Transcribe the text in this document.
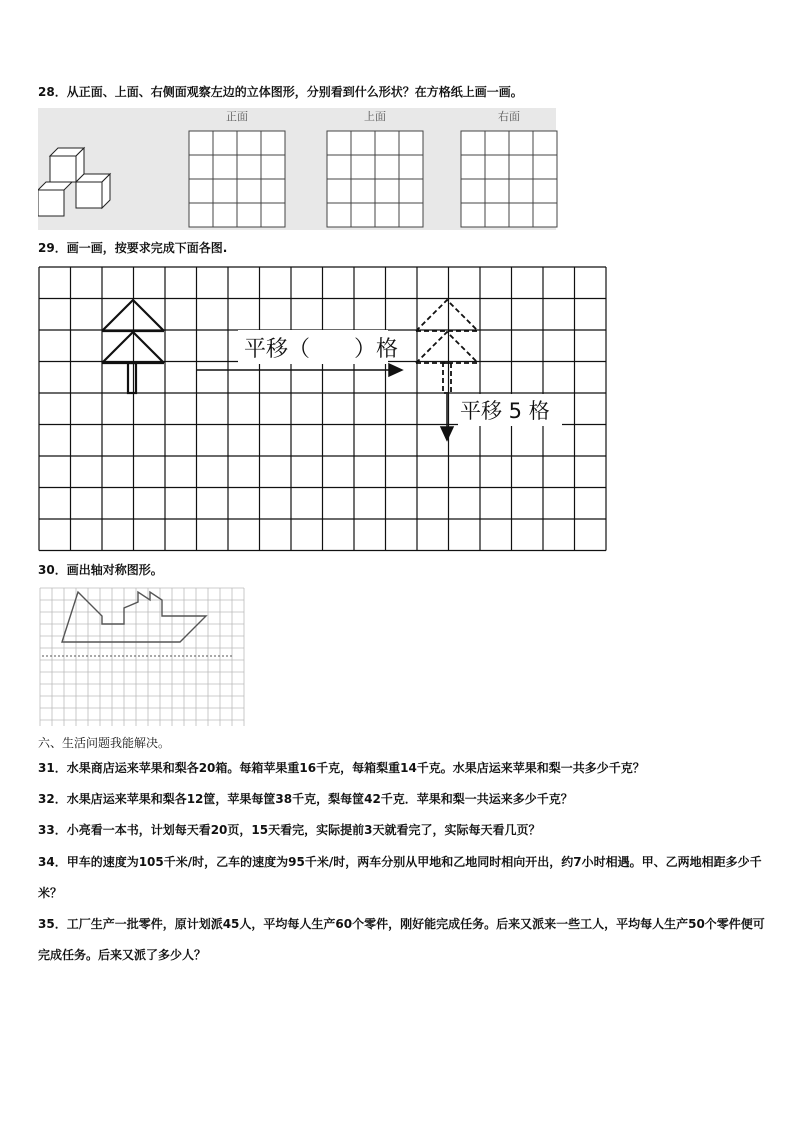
28．从正面、上面、右侧面观察左边的立体图形，分别看到什么形状？在方格纸上画一画。
正面	上面	右面
29．画一画，按要求完成下面各图.
平移（　　）格
平移 5 格
30．画出轴对称图形。
六、生活问题我能解决。
31．水果商店运来苹果和梨各20箱。每箱苹果重16千克，每箱梨重14千克。水果店运来苹果和梨一共多少千克？
32．水果店运来苹果和梨各12筐，苹果每筐38千克，梨每筐42千克．苹果和梨一共运来多少千克？
33．小亮看一本书，计划每天看20页，15天看完，实际提前3天就看完了，实际每天看几页？
34．甲车的速度为105千米/时，乙车的速度为95千米/时，两车分别从甲地和乙地同时相向开出，约7小时相遇。甲、乙两地相距多少千米？
35．工厂生产一批零件，原计划派45人，平均每人生产60个零件，刚好能完成任务。后来又派来一些工人，平均每人生产50个零件便可完成任务。后来又派了多少人？
